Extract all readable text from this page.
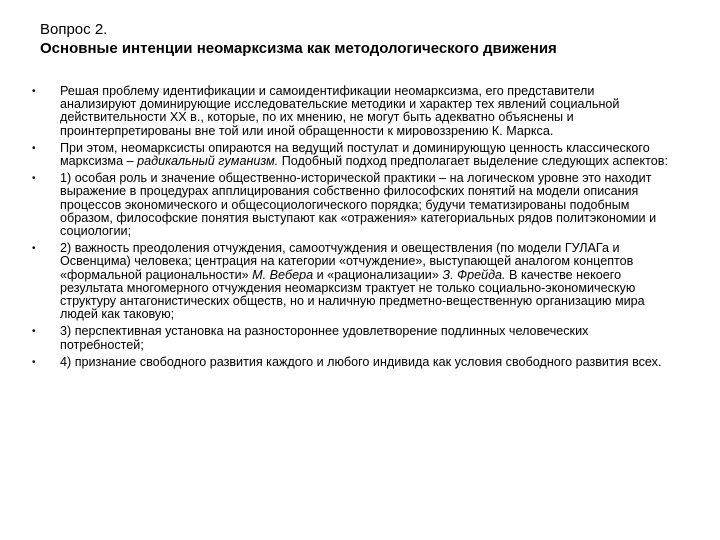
Вопрос 2.
Основные интенции неомарксизма как методологического движения
• Решая проблему идентификации и самоидентификации неомарксизма, его представители анализируют доминирующие исследовательские методики и характер тех явлений социальной действительности XX в., которые, по их мнению, не могут быть адекватно объяснены и проинтерпретированы вне той или иной обращенности к мировоззрению К. Маркса.
• При этом, неомарксисты опираются на ведущий постулат и доминирующую ценность классического марксизма – радикальный гуманизм. Подобный подход предполагает выделение следующих аспектов:
• 1) особая роль и значение общественно-исторической практики – на логическом уровне это находит выражение в процедурах апплицирования собственно философских понятий на модели описания процессов экономического и общесоциологического порядка; будучи тематизированы подобным образом, философские понятия выступают как «отражения» категориальных рядов политэкономии и социологии;
• 2) важность преодоления отчуждения, самоотчуждения и овеществления (по модели ГУЛАГа и Освенцима) человека; центрация на категории «отчуждение», выступающей аналогом концептов «формальной рациональности» М. Вебера и «рационализации» З. Фрейда. В качестве некоего результата многомерного отчуждения неомарксизм трактует не только социально-экономическую структуру антагонистических обществ, но и наличную предметно-вещественную организацию мира людей как таковую;
• 3) перспективная установка на разностороннее удовлетворение подлинных человеческих потребностей;
• 4) признание свободного развития каждого и любого индивида как условия свободного развития всех.
